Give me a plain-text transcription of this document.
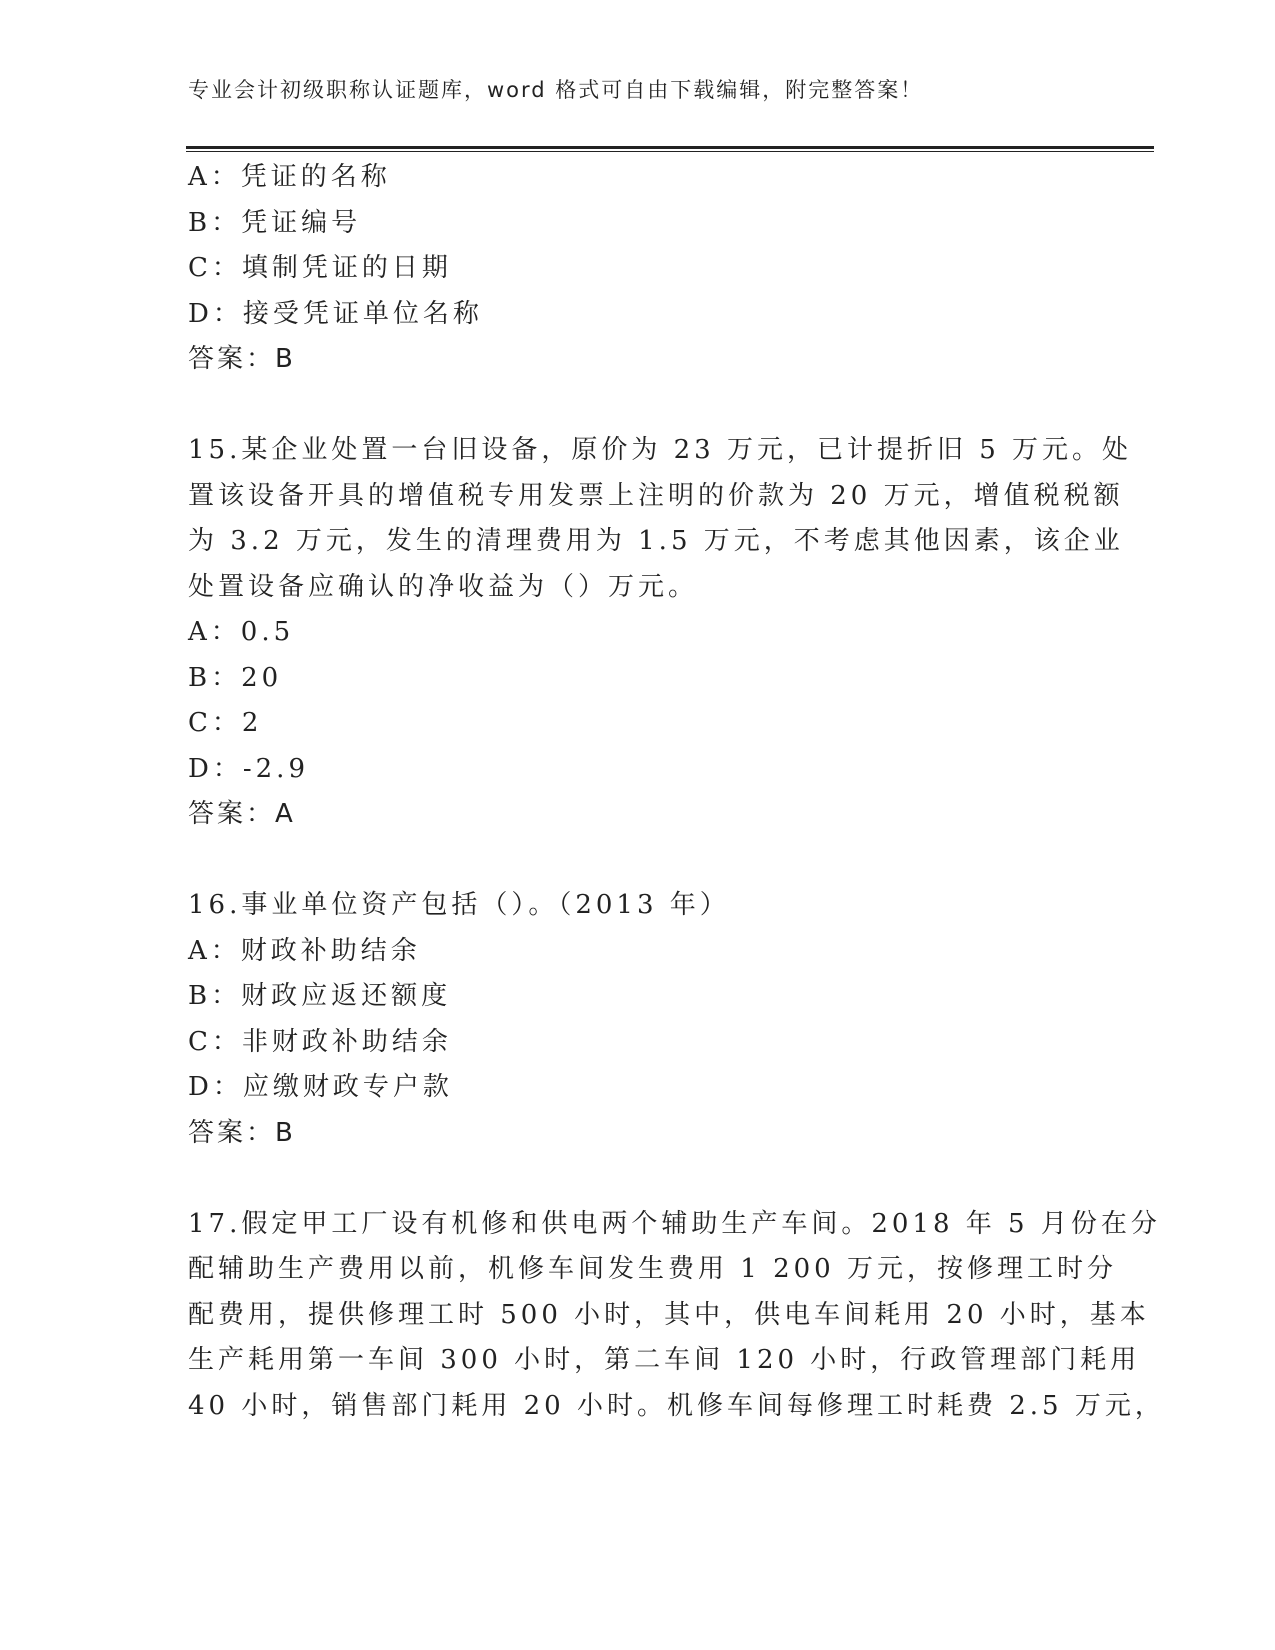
专业会计初级职称认证题库，word 格式可自由下载编辑，附完整答案！
A：凭证的名称
B：凭证编号
C：填制凭证的日期
D：接受凭证单位名称
答案：B
15.某企业处置一台旧设备，原价为 23 万元，已计提折旧 5 万元。处
置该设备开具的增值税专用发票上注明的价款为 20 万元，增值税税额
为 3.2 万元，发生的清理费用为 1.5 万元，不考虑其他因素，该企业
处置设备应确认的净收益为（）万元。
A：0.5
B：20
C：2
D：-2.9
答案：A
16.事业单位资产包括（）。（2013 年）
A：财政补助结余
B：财政应返还额度
C：非财政补助结余
D：应缴财政专户款
答案：B
17.假定甲工厂设有机修和供电两个辅助生产车间。2018 年 5 月份在分
配辅助生产费用以前，机修车间发生费用 1 200 万元，按修理工时分
配费用，提供修理工时 500 小时，其中，供电车间耗用 20 小时，基本
生产耗用第一车间 300 小时，第二车间 120 小时，行政管理部门耗用
40 小时，销售部门耗用 20 小时。机修车间每修理工时耗费 2.5 万元，
